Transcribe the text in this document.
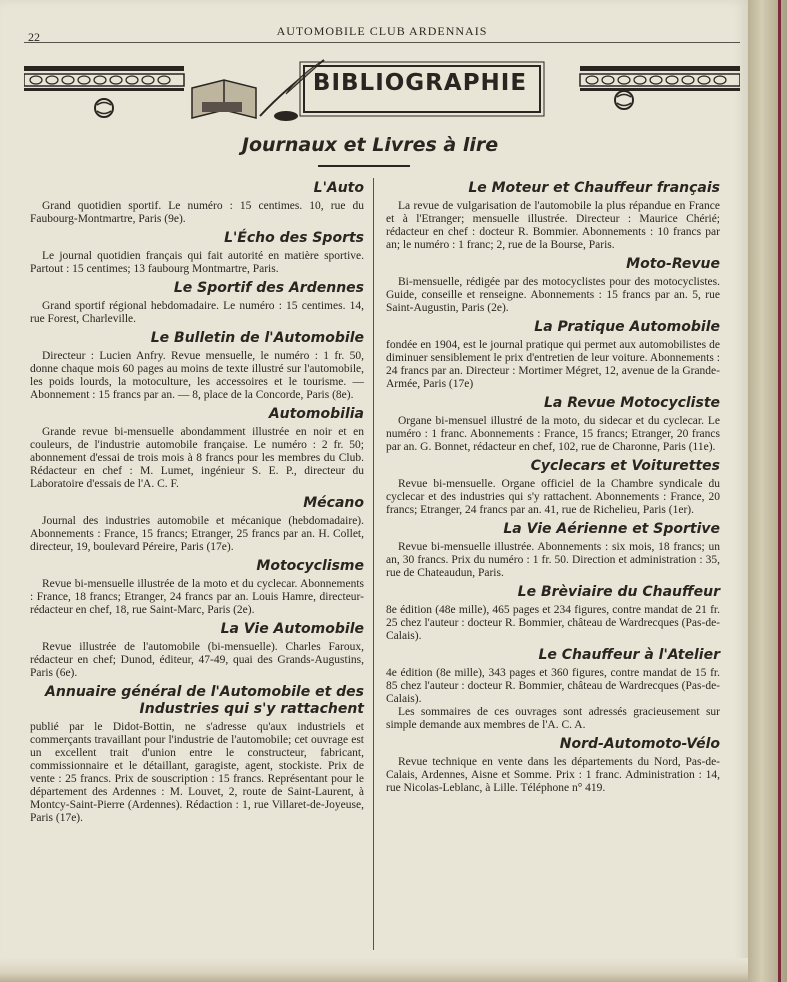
22	AUTOMOBILE CLUB ARDENNAIS
BIBLIOGRAPHIE
Journaux et Livres à lire
L'Auto

Grand quotidien sportif. Le numéro : 15 centimes. 10, rue du Faubourg-Montmartre, Paris (9e).

L'Écho des Sports

Le journal quotidien français qui fait autorité en matière sportive. Partout : 15 centimes; 13 faubourg Montmartre, Paris.

Le Sportif des Ardennes

Grand sportif régional hebdomadaire. Le numéro : 15 centimes. 14, rue Forest, Charleville.

Le Bulletin de l'Automobile

Directeur : Lucien Anfry. Revue mensuelle, le numéro : 1 fr. 50, donne chaque mois 60 pages au moins de texte illustré sur l'automobile, les poids lourds, la motoculture, les accessoires et le tourisme. — Abonnement : 15 francs par an. — 8, place de la Concorde, Paris (8e).

Automobilia

Grande revue bi-mensuelle abondamment illustrée en noir et en couleurs, de l'industrie automobile française. Le numéro : 2 fr. 50; abonnement d'essai de trois mois à 8 francs pour les membres du Club. Rédacteur en chef : M. Lumet, ingénieur S. E. P., directeur du Laboratoire d'essais de l'A. C. F.

Mécano

Journal des industries automobile et mécanique (hebdomadaire). Abonnements : France, 15 francs; Etranger, 25 francs par an. H. Collet, directeur, 19, boulevard Péreire, Paris (17e).

Motocyclisme

Revue bi-mensuelle illustrée de la moto et du cyclecar. Abonnements : France, 18 francs; Etranger, 24 francs par an. Louis Hamre, directeur-rédacteur en chef, 18, rue Saint-Marc, Paris (2e).

La Vie Automobile

Revue illustrée de l'automobile (bi-mensuelle). Charles Faroux, rédacteur en chef; Dunod, éditeur, 47-49, quai des Grands-Augustins, Paris (6e).

Annuaire général de l'Automobile et des Industries qui s'y rattachent

publié par le Didot-Bottin, ne s'adresse qu'aux industriels et commerçants travaillant pour l'industrie de l'automobile; cet ouvrage est un excellent trait d'union entre le constructeur, fabricant, commissionnaire et le détaillant, garagiste, agent, stockiste. Prix de vente : 25 francs. Prix de souscription : 15 francs. Représentant pour le département des Ardennes : M. Louvet, 2, route de Saint-Laurent, à Montcy-Saint-Pierre (Ardennes). Rédaction : 1, rue Villaret-de-Joyeuse, Paris (17e).

Le Moteur et Chauffeur français

La revue de vulgarisation de l'automobile la plus répandue en France et à l'Etranger; mensuelle illustrée. Directeur : Maurice Chérié; rédacteur en chef : docteur R. Bommier. Abonnements : 10 francs par an; le numéro : 1 franc; 2, rue de la Bourse, Paris.

Moto-Revue

Bi-mensuelle, rédigée par des motocyclistes pour des motocyclistes. Guide, conseille et renseigne. Abonnements : 15 francs par an. 5, rue Saint-Augustin, Paris (2e).

La Pratique Automobile

fondée en 1904, est le journal pratique qui permet aux automobilistes de diminuer sensiblement le prix d'entretien de leur voiture. Abonnements : 24 francs par an. Directeur : Mortimer Mégret, 12, avenue de la Grande-Armée, Paris (17e)

La Revue Motocycliste

Organe bi-mensuel illustré de la moto, du sidecar et du cyclecar. Le numéro : 1 franc. Abonnements : France, 15 francs; Etranger, 20 francs par an. G. Bonnet, rédacteur en chef, 102, rue de Charonne, Paris (11e).

Cyclecars et Voiturettes

Revue bi-mensuelle. Organe officiel de la Chambre syndicale du cyclecar et des industries qui s'y rattachent. Abonnements : France, 20 francs; Etranger, 24 francs par an. 41, rue de Richelieu, Paris (1er).

La Vie Aérienne et Sportive

Revue bi-mensuelle illustrée. Abonnements : six mois, 18 francs; un an, 30 francs. Prix du numéro : 1 fr. 50. Direction et administration : 35, rue de Chateaudun, Paris.

Le Brèviaire du Chauffeur

8e édition (48e mille), 465 pages et 234 figures, contre mandat de 21 fr. 25 chez l'auteur : docteur R. Bommier, château de Wardrecques (Pas-de-Calais).

Le Chauffeur à l'Atelier

4e édition (8e mille), 343 pages et 360 figures, contre mandat de 15 fr. 85 chez l'auteur : docteur R. Bommier, château de Wardrecques (Pas-de-Calais).

Les sommaires de ces ouvrages sont adressés gracieusement sur simple demande aux membres de l'A. C. A.

Nord-Automoto-Vélo

Revue technique en vente dans les départements du Nord, Pas-de-Calais, Ardennes, Aisne et Somme. Prix : 1 franc. Administration : 14, rue Nicolas-Leblanc, à Lille. Téléphone n° 419.
